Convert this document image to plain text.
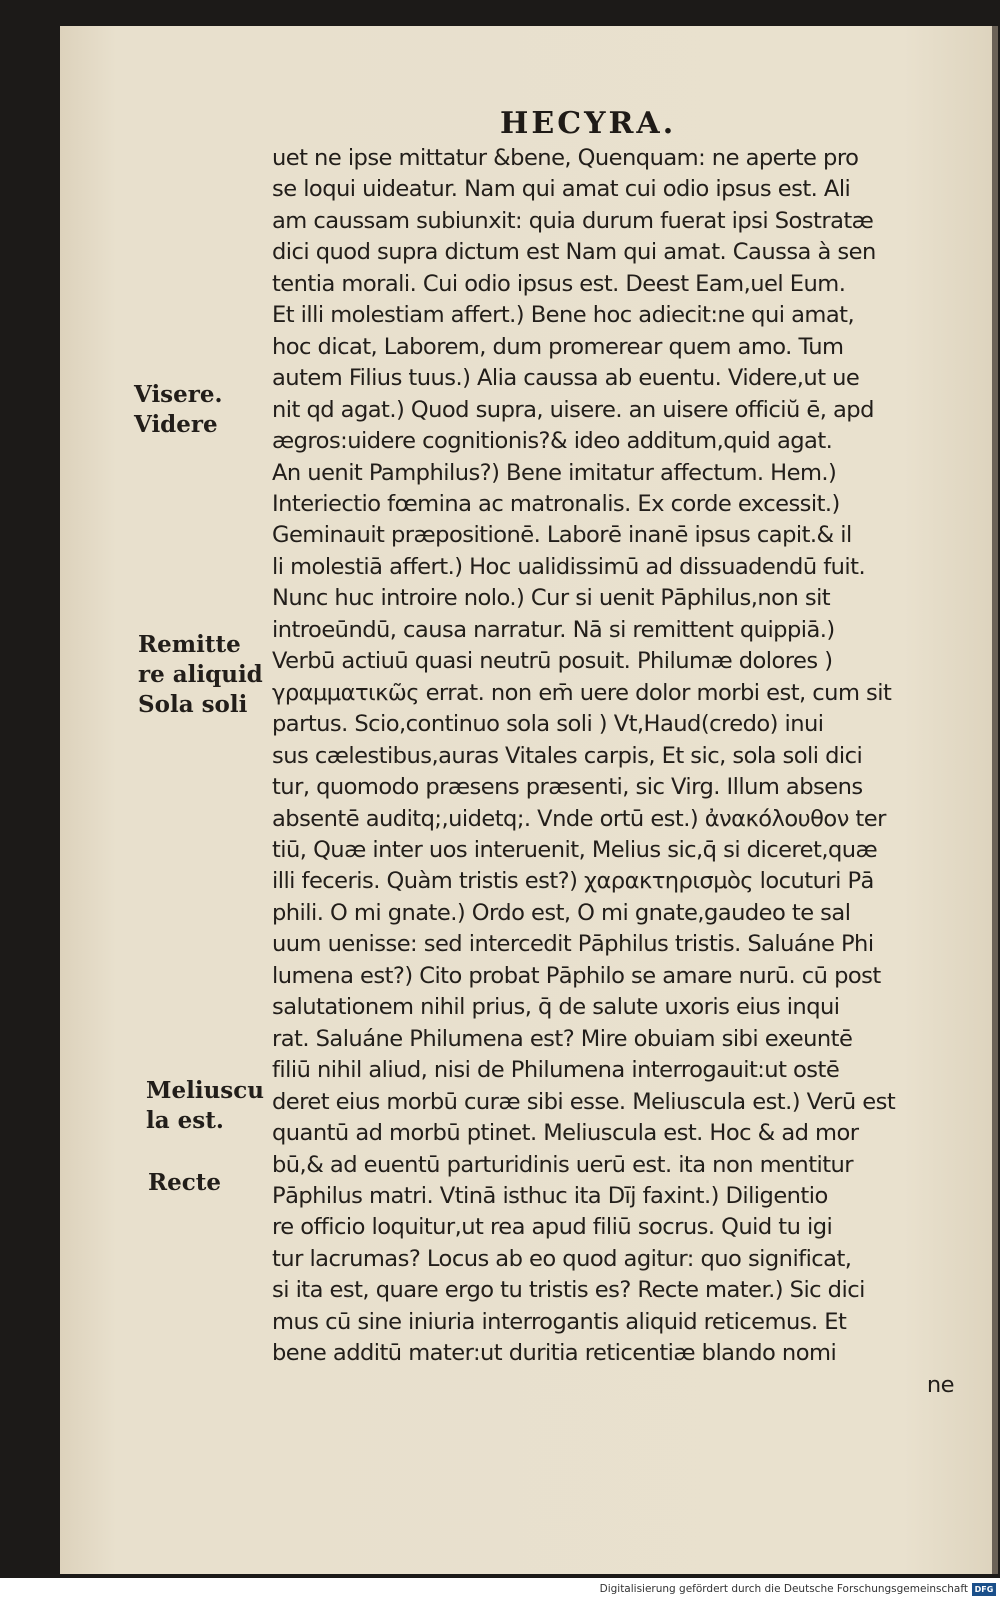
HECYRA.
Visere.
Videre
Remitte
re aliquid
Sola soli
Meliuscu
la est.
Recte
uet ne ipse mittatur &bene, Quenquam: ne aperte pro
se loqui uideatur. Nam qui amat cui odio ipsus est. Ali
am caussam subiunxit: quia durum fuerat ipsi Sostratæ
dici quod supra dictum est Nam qui amat. Caussa à sen
tentia morali. Cui odio ipsus est. Deest Eam,uel Eum.
Et illi molestiam affert.) Bene hoc adiecit:ne qui amat,
hoc dicat, Laborem, dum promerear quem amo. Tum
autem Filius tuus.) Alia caussa ab euentu. Videre,ut ue
nit qd agat.) Quod supra, uisere. an uisere officiŭ ē, apd
ægros:uidere cognitionis?& ideo additum,quid agat.
An uenit Pamphilus?) Bene imitatur affectum. Hem.)
Interiectio fœmina ac matronalis. Ex corde excessit.)
Geminauit præpositionē. Laborē inanē ipsus capit.& il
li molestiā affert.) Hoc ualidissimū ad dissuadendū fuit.
Nunc huc introire nolo.) Cur si uenit Pāphilus,non sit
introeūndū, causa narratur. Nā si remittent quippiā.)
Verbū actiuū quasi neutrū posuit. Philumæ dolores )
γραμματικῶς errat. non em̄ uere dolor morbi est, cum sit
partus. Scio,continuo sola soli ) Vt,Haud(credo) inui
sus cælestibus,auras Vitales carpis, Et sic, sola soli dici
tur, quomodo præsens præsenti, sic Virg. Illum absens
absentē auditq;,uidetq;. Vnde ortū est.) ἀνακόλουθον ter
tiū, Quæ inter uos interuenit, Melius sic,q̄ si diceret,quæ
illi feceris. Quàm tristis est?) χαρακτηρισμὸς locuturi Pā
phili. O mi gnate.) Ordo est, O mi gnate,gaudeo te sal
uum uenisse: sed intercedit Pāphilus tristis. Saluáne Phi
lumena est?) Cito probat Pāphilo se amare nurū. cū post
salutationem nihil prius, q̄ de salute uxoris eius inqui
rat. Saluáne Philumena est? Mire obuiam sibi exeuntē
filiū nihil aliud, nisi de Philumena interrogauit:ut ostē
deret eius morbū curæ sibi esse. Meliuscula est.) Verū est
quantū ad morbū ptinet. Meliuscula est. Hoc & ad mor
bū,& ad euentū parturidinis uerū est. ita non mentitur
Pāphilus matri. Vtinā isthuc ita Dīj faxint.) Diligentio
re officio loquitur,ut rea apud filiū socrus. Quid tu igi
tur lacrumas? Locus ab eo quod agitur: quo significat,
si ita est, quare ergo tu tristis es? Recte mater.) Sic dici
mus cū sine iniuria interrogantis aliquid reticemus. Et
bene additū mater:ut duritia reticentiæ blando nomi
ne
Digitalisierung gefördert durch die Deutsche Forschungsgemeinschaft DFG
